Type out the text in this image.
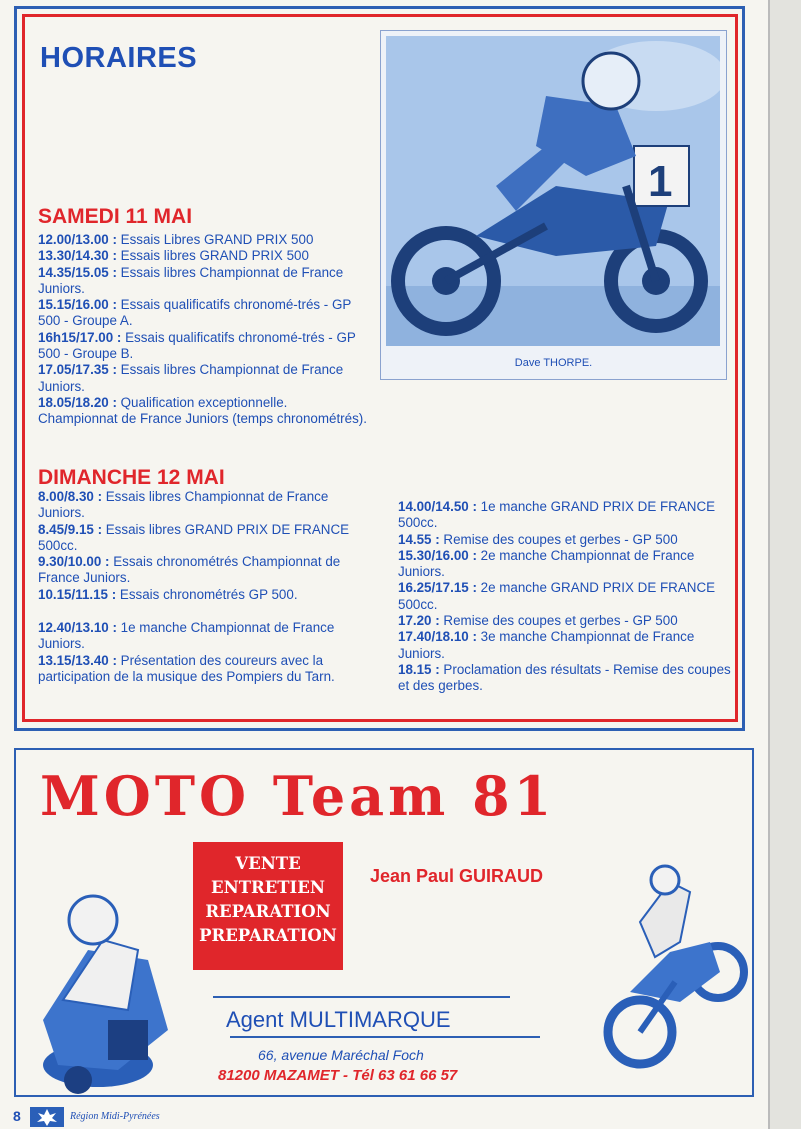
HORAIRES
SAMEDI 11 MAI
12.00/13.00 : Essais Libres GRAND PRIX 500
13.30/14.30 : Essais libres GRAND PRIX 500
14.35/15.05 : Essais libres Championnat de France Juniors.
15.15/16.00 : Essais qualificatifs chronomé-trés - GP 500 - Groupe A.
16h15/17.00 : Essais qualificatifs chronomé-trés - GP 500 - Groupe B.
17.05/17.35 : Essais libres Championnat de France Juniors.
18.05/18.20 : Qualification exceptionnelle. Championnat de France Juniors (temps chronométrés).
DIMANCHE 12 MAI
8.00/8.30 : Essais libres Championnat de France Juniors.
8.45/9.15 : Essais libres GRAND PRIX DE FRANCE 500cc.
9.30/10.00 : Essais chronométrés Championnat de France Juniors.
10.15/11.15 : Essais chronométrés GP 500.
12.40/13.10 : 1e manche Championnat de France Juniors.
13.15/13.40 : Présentation des coureurs avec la participation de la musique des Pompiers du Tarn.
14.00/14.50 : 1e manche GRAND PRIX DE FRANCE 500cc.
14.55 : Remise des coupes et gerbes - GP 500
15.30/16.00 : 2e manche Championnat de France Juniors.
16.25/17.15 : 2e manche GRAND PRIX DE FRANCE 500cc.
17.20 : Remise des coupes et gerbes - GP 500
17.40/18.10 : 3e manche Championnat de France Juniors.
18.15 : Proclamation des résultats - Remise des coupes et des gerbes.
1
Dave THORPE.
MOTO Team 81
VENTE
ENTRETIEN
REPARATION
PREPARATION
Jean Paul GUIRAUD
Agent MULTIMARQUE
66, avenue Maréchal Foch
81200 MAZAMET - Tél 63 61 66 57
8	Région Midi-Pyrénées
